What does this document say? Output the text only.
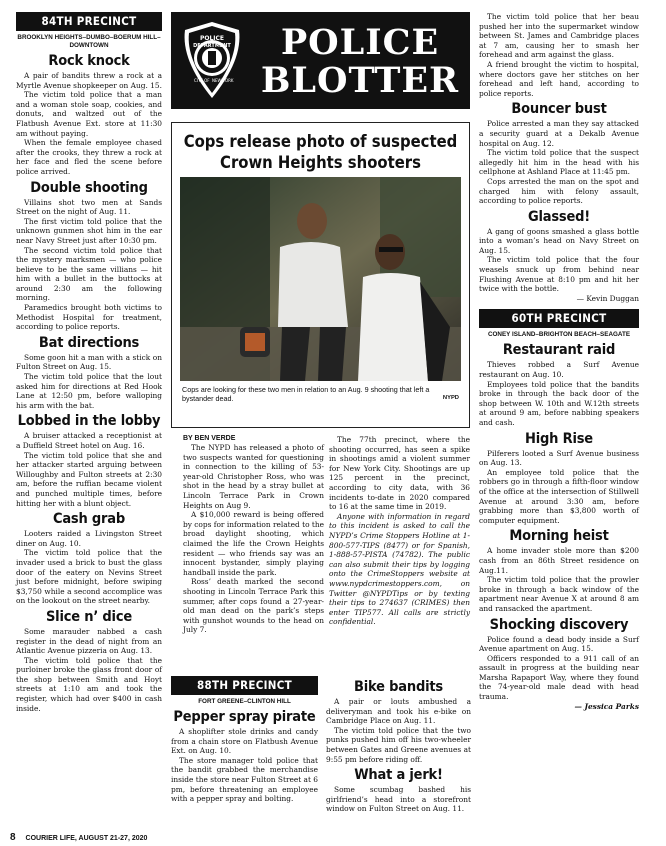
84TH PRECINCT
BROOKLYN HEIGHTS–DUMBO–BOERUM HILL–DOWNTOWN
Rock knock

A pair of bandits threw a rock at a Myrtle Avenue shopkeeper on Aug. 15.

The victim told police that a man and a woman stole soap, cookies, and donuts, and waltzed out of the Flatbush Avenue Ext. store at 11:30 am without paying.

When the female employee chased after the crooks, they threw a rock at her face and fled the scene before police arrived.

Double shooting

Villains shot two men at Sands Street on the night of Aug. 11.

The first victim told police that the unknown gunmen shot him in the ear near Navy Street just after 10:30 pm.

The second victim told police that the mystery marksmen — who police believe to be the same villians — hit him with a bullet in the buttocks at around 2:30 am the following morning.

Paramedics brought both victims to Methodist Hospital for treatment, according to police reports.

Bat directions

Some goon hit a man with a stick on Fulton Street on Aug. 15.

The victim told police that the lout asked him for directions at Red Hook Lane at 12:50 pm, before walloping his arm with the bat.

Lobbed in the lobby

A bruiser attacked a receptionist at a Duffield Street hotel on Aug. 16.

The victim told police that she and her attacker started arguing between Willoughby and Fulton streets at 2:30 am, before the ruffian became violent and punched multiple times, before hitting her with a blunt object.

Cash grab

Looters raided a Livingston Street diner on Aug. 10.

The victim told police that the invader used a brick to bust the glass door of the eatery on Nevins Street just before midnight, before swiping $3,750 while a second accomplice was on the lookout on the street nearby.

Slice n’ dice

Some marauder nabbed a cash register in the dead of night from an Atlantic Avenue pizzeria on Aug. 13.

The victim told police that the purloiner broke the glass front door of the shop between Smith and Hoyt streets at 1:10 am and took the register, which had over $400 in cash inside.

POLICE
DEPARTMENT
CITY OF NEW YORK
POLICE
BLOTTER
Cops release photo of suspected Crown Heights shooters
Cops are looking for these two men in relation to an Aug. 9 shooting that left a bystander dead.	NYPD
BY BEN VERDE

The NYPD has released a photo of two suspects wanted for questioning in connection to the killing of 53-year-old Christopher Ross, who was shot in the head by a stray bullet at Lincoln Terrace Park in Crown Heights on Aug 9.

A $10,000 reward is being offered by cops for information related to the broad daylight shooting, which claimed the life the Crown Heights resident — who friends say was an innocent bystander, simply playing handball inside the park.

Ross’ death marked the second shooting in Lincoln Terrace Park this summer, after cops found a 27-year-old man dead on the park’s steps with gunshot wounds to the head on July 7.

The 77th precinct, where the shooting occurred, has seen a spike in shootings amid a violent summer for New York City. Shootings are up 125 percent in the precinct, according to city data, with 36 incidents to-date in 2020 compared to 16 at the same time in 2019.

Anyone with information in regard to this incident is asked to call the NYPD’s Crime Stoppers Hotline at 1-800-577-TIPS (8477) or for Spanish, 1-888-57-PISTA (74782). The public can also submit their tips by logging onto the CrimeStoppers website at www.nypdcrimestoppers.com, on Twitter @NYPDTips or by texting their tips to 274637 (CRIMES) then enter TIP577. All calls are strictly confidential.

88TH PRECINCT
FORT GREENE–CLINTON HILL
Pepper spray pirate

A shoplifter stole drinks and candy from a chain store on Flatbush Avenue Ext. on Aug. 10.

The store manager told police that the bandit grabbed the merchandise inside the store near Fulton Street at 6 pm, before threatening an employee with a pepper spray and bolting.

Bike bandits

A pair or louts ambushed a deliveryman and took his e-bike on Cambridge Place on Aug. 11.

The victim told police that the two punks pushed him off his two-wheeler between Gates and Greene avenues at 9:55 pm before riding off.

What a jerk!

Some scumbag bashed his girlfriend’s head into a storefront window on Fulton Street on Aug. 11.

The victim told police that her beau pushed her into the supermarket window between St. James and Cambridge places at 7 am, causing her to smash her forehead and arm against the glass.

A friend brought the victim to hospital, where doctors gave her stitches on her forehead and left hand, according to police reports.

Bouncer bust

Police arrested a man they say attacked a security guard at a Dekalb Avenue hospital on Aug. 12.

The victim told police that the suspect allegedly hit him in the head with his cellphone at Ashland Place at 11:45 pm.

Cops arrested the man on the spot and charged him with felony assault, according to police reports.

Glassed!

A gang of goons smashed a glass bottle into a woman’s head on Navy Street on Aug. 15.

The victim told police that the four weasels snuck up from behind near Flushing Avenue at 8:10 pm and hit her twice with the bottle.

— Kevin Duggan

60TH PRECINCT
CONEY ISLAND–BRIGHTON BEACH–SEAGATE
Restaurant raid

Thieves robbed a Surf Avenue restaurant on Aug. 10.

Employees told police that the bandits broke in through the back door of the shop between W. 10th and W.12th streets at around 9 am, before nabbing speakers and cash.

High Rise

Pilferers looted a Surf Avenue business on Aug. 13.

An employee told police that the robbers go in through a fifth-floor window of the office at the intersection of Stillwell Avenue at around 3:30 am, before grabbing more than $3,800 worth of computer equipment.

Morning heist

A home invader stole more than $200 cash from an 86th Street residence on Aug.11.

The victim told police that the prowler broke in through a back window of the apartment near Avenue X at around 8 am and ransacked the apartment.

Shocking discovery

Police found a dead body inside a Surf Avenue apartment on Aug. 15.

Officers responded to a 911 call of an assault in progress at the building near Marsha Rapaport Way, where they found the 74-year-old male dead with head trauma.

— Jessica Parks

8 COURIER LIFE, AUGUST 21-27, 2020
